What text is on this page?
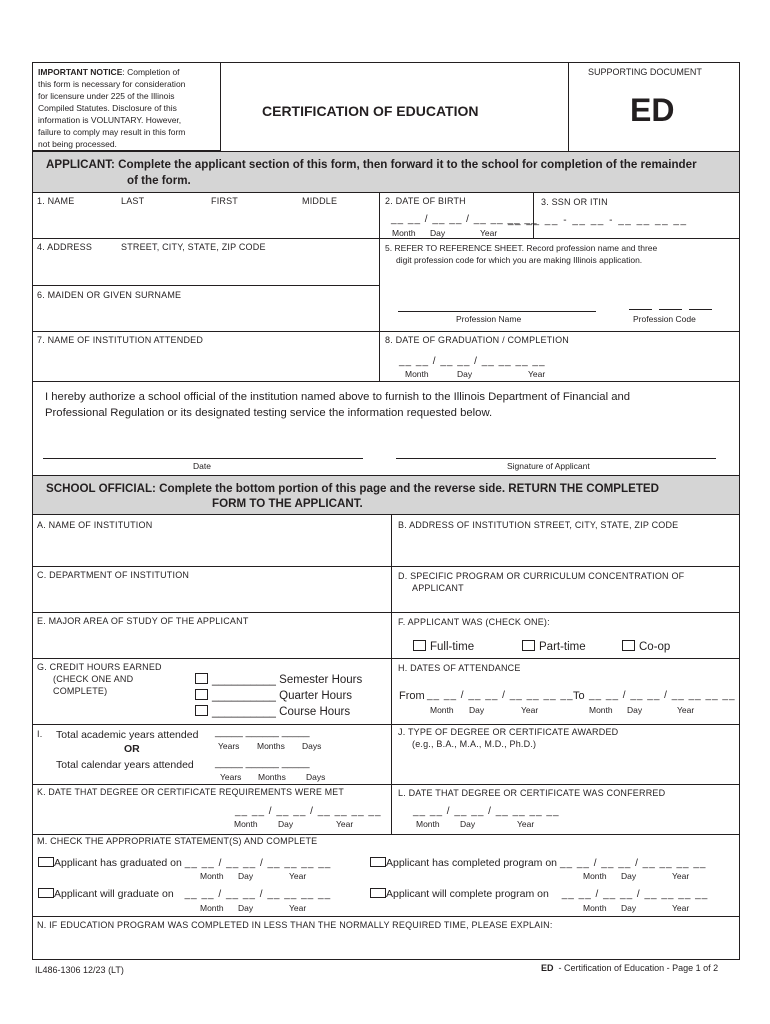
IMPORTANT NOTICE: Completion of
this form is necessary for consideration
for licensure under 225 of the Illinois
Compiled Statutes. Disclosure of this
information is VOLUNTARY. However,
failure to comply may result in this form
not being processed.
CERTIFICATION OF EDUCATION
SUPPORTING DOCUMENT
ED
APPLICANT: Complete the applicant section of this form, then forward it to the school for completion of the remainder
of the form.
1. NAME	LAST	FIRST	MIDDLE	2. DATE OF BIRTH
__ __ / __ __ / __ __ __ __
Month Day	Year
3. SSN OR ITIN
__ __ __ - __ __ - __ __ __ __
4. ADDRESS	STREET, CITY, STATE, ZIP CODE	5. REFER TO REFERENCE SHEET. Record profession name and three
digit profession code for which you are making Illinois application.
Profession Name	Profession Code
6. MAIDEN OR GIVEN SURNAME
7. NAME OF INSTITUTION ATTENDED	8. DATE OF GRADUATION / COMPLETION
__ __ / __ __ / __ __ __ __
Month	Day	Year
I hereby authorize a school official of the institution named above to furnish to the Illinois Department of Financial and
Professional Regulation or its designated testing service the information requested below.
Date	Signature of Applicant
SCHOOL OFFICIAL: Complete the bottom portion of this page and the reverse side. RETURN THE COMPLETED
FORM TO THE APPLICANT.
A. NAME OF INSTITUTION	B. ADDRESS OF INSTITUTION STREET, CITY, STATE, ZIP CODE
C. DEPARTMENT OF INSTITUTION	D. SPECIFIC PROGRAM OR CURRICULUM CONCENTRATION OF
APPLICANT
E. MAJOR AREA OF STUDY OF THE APPLICANT	F. APPLICANT WAS (CHECK ONE):
Full-time	Part-time	Co-op
G. CREDIT HOURS EARNED
(CHECK ONE AND
COMPLETE)
__________ Semester Hours
__________ Quarter Hours
__________ Course Hours
H. DATES OF ATTENDANCE
From __ __ / __ __ / __ __ __ __
Month Day	Year
To __ __ / __ __ / __ __ __ __
Month Day	Year
I. Total academic years attended _____ ______ _____
Years Months Days
OR
Total calendar years attended _____ ______ _____
Years Months Days
J. TYPE OF DEGREE OR CERTIFICATE AWARDED
(e.g., B.A., M.A., M.D., Ph.D.)
K. DATE THAT DEGREE OR CERTIFICATE REQUIREMENTS WERE MET
__ __ / __ __ / __ __ __ __
Month Day	Year
L. DATE THAT DEGREE OR CERTIFICATE WAS CONFERRED
__ __ / __ __ / __ __ __ __
Month Day	Year
M. CHECK THE APPROPRIATE STATEMENT(S) AND COMPLETE
Applicant has graduated on __ __ / __ __ / __ __ __ __
Month Day	Year
Applicant has completed program on __ __ / __ __ / __ __ __ __
Month Day	Year
Applicant will graduate on __ __ / __ __ / __ __ __ __
Month Day	Year
Applicant will complete program on __ __ / __ __ / __ __ __ __
Month Day	Year
N. IF EDUCATION PROGRAM WAS COMPLETED IN LESS THAN THE NORMALLY REQUIRED TIME, PLEASE EXPLAIN:
IL486-1306 12/23 (LT)	ED - Certification of Education - Page 1 of 2
